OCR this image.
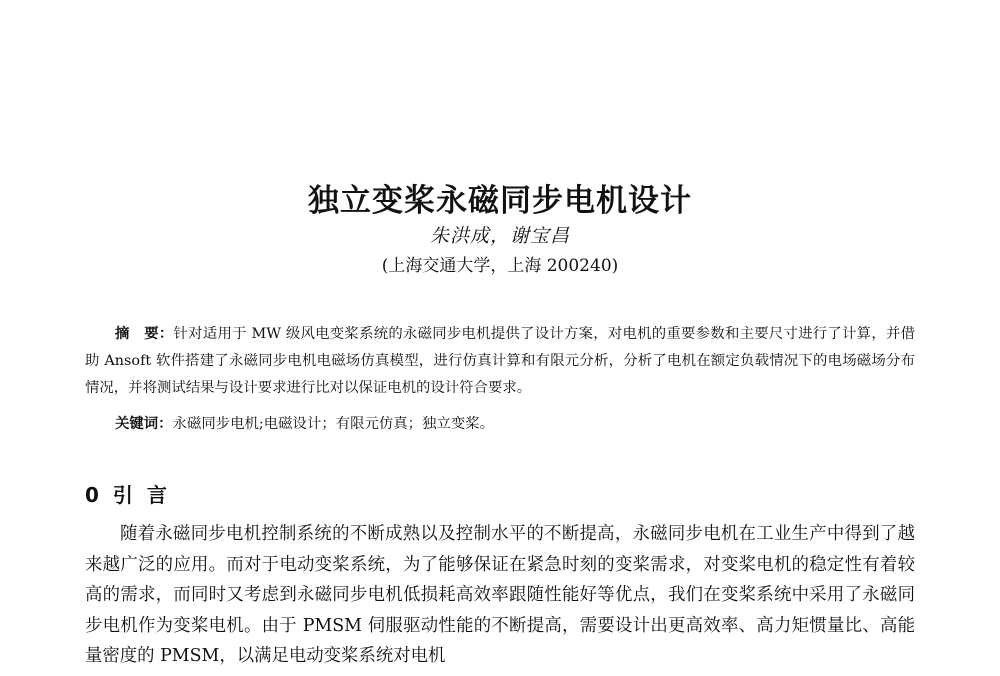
独立变桨永磁同步电机设计
朱洪成，谢宝昌
(上海交通大学，上海 200240)

摘　要：针对适用于 MW 级风电变桨系统的永磁同步电机提供了设计方案，对电机的重要参数和主要尺寸进行了计算，并借助 Ansoft 软件搭建了永磁同步电机电磁场仿真模型，进行仿真计算和有限元分析，分析了电机在额定负载情况下的电场磁场分布情况，并将测试结果与设计要求进行比对以保证电机的设计符合要求。

关键词：永磁同步电机;电磁设计；有限元仿真；独立变桨。

0 引言

随着永磁同步电机控制系统的不断成熟以及控制水平的不断提高，永磁同步电机在工业生产中得到了越来越广泛的应用。而对于电动变桨系统，为了能够保证在紧急时刻的变桨需求，对变桨电机的稳定性有着较高的需求，而同时又考虑到永磁同步电机低损耗高效率跟随性能好等优点，我们在变桨系统中采用了永磁同步电机作为变桨电机。由于 PMSM 伺服驱动性能的不断提高，需要设计出更高效率、高力矩惯量比、高能量密度的 PMSM，以满足电动变桨系统对电机
